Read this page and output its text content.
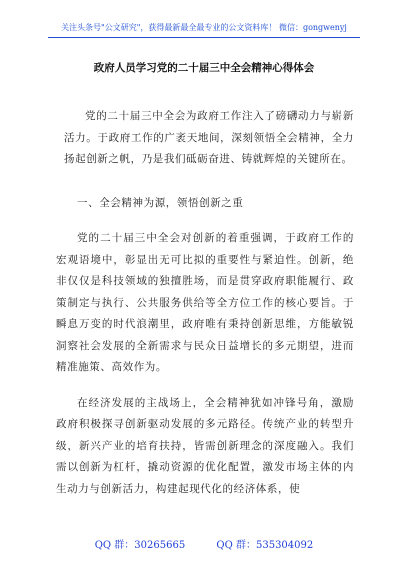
关注头条号"公文研究"，获得最新最全最专业的公文资料库！ 微信：gongwenyj
政府人员学习党的二十届三中全会精神心得体会

党的二十届三中全会为政府工作注入了磅礴动力与崭新活力。于政府工作的广袤天地间，深刻领悟全会精神，全力扬起创新之帆，乃是我们砥砺奋进、铸就辉煌的关键所在。

一、全会精神为源，领悟创新之重

党的二十届三中全会对创新的着重强调，于政府工作的宏观语境中，彰显出无可比拟的重要性与紧迫性。创新，绝非仅仅是科技领域的独擅胜场，而是贯穿政府职能履行、政策制定与执行、公共服务供给等全方位工作的核心要旨。于瞬息万变的时代浪潮里，政府唯有秉持创新思维，方能敏锐洞察社会发展的全新需求与民众日益增长的多元期望，进而精准施策、高效作为。

在经济发展的主战场上，全会精神犹如冲锋号角，激励政府积极探寻创新驱动发展的多元路径。传统产业的转型升级，新兴产业的培育扶持，皆需创新理念的深度融入。我们需以创新为杠杆，撬动资源的优化配置，激发市场主体的内生动力与创新活力，构建起现代化的经济体系，使

QQ 群：30265665	QQ 群：535304092
